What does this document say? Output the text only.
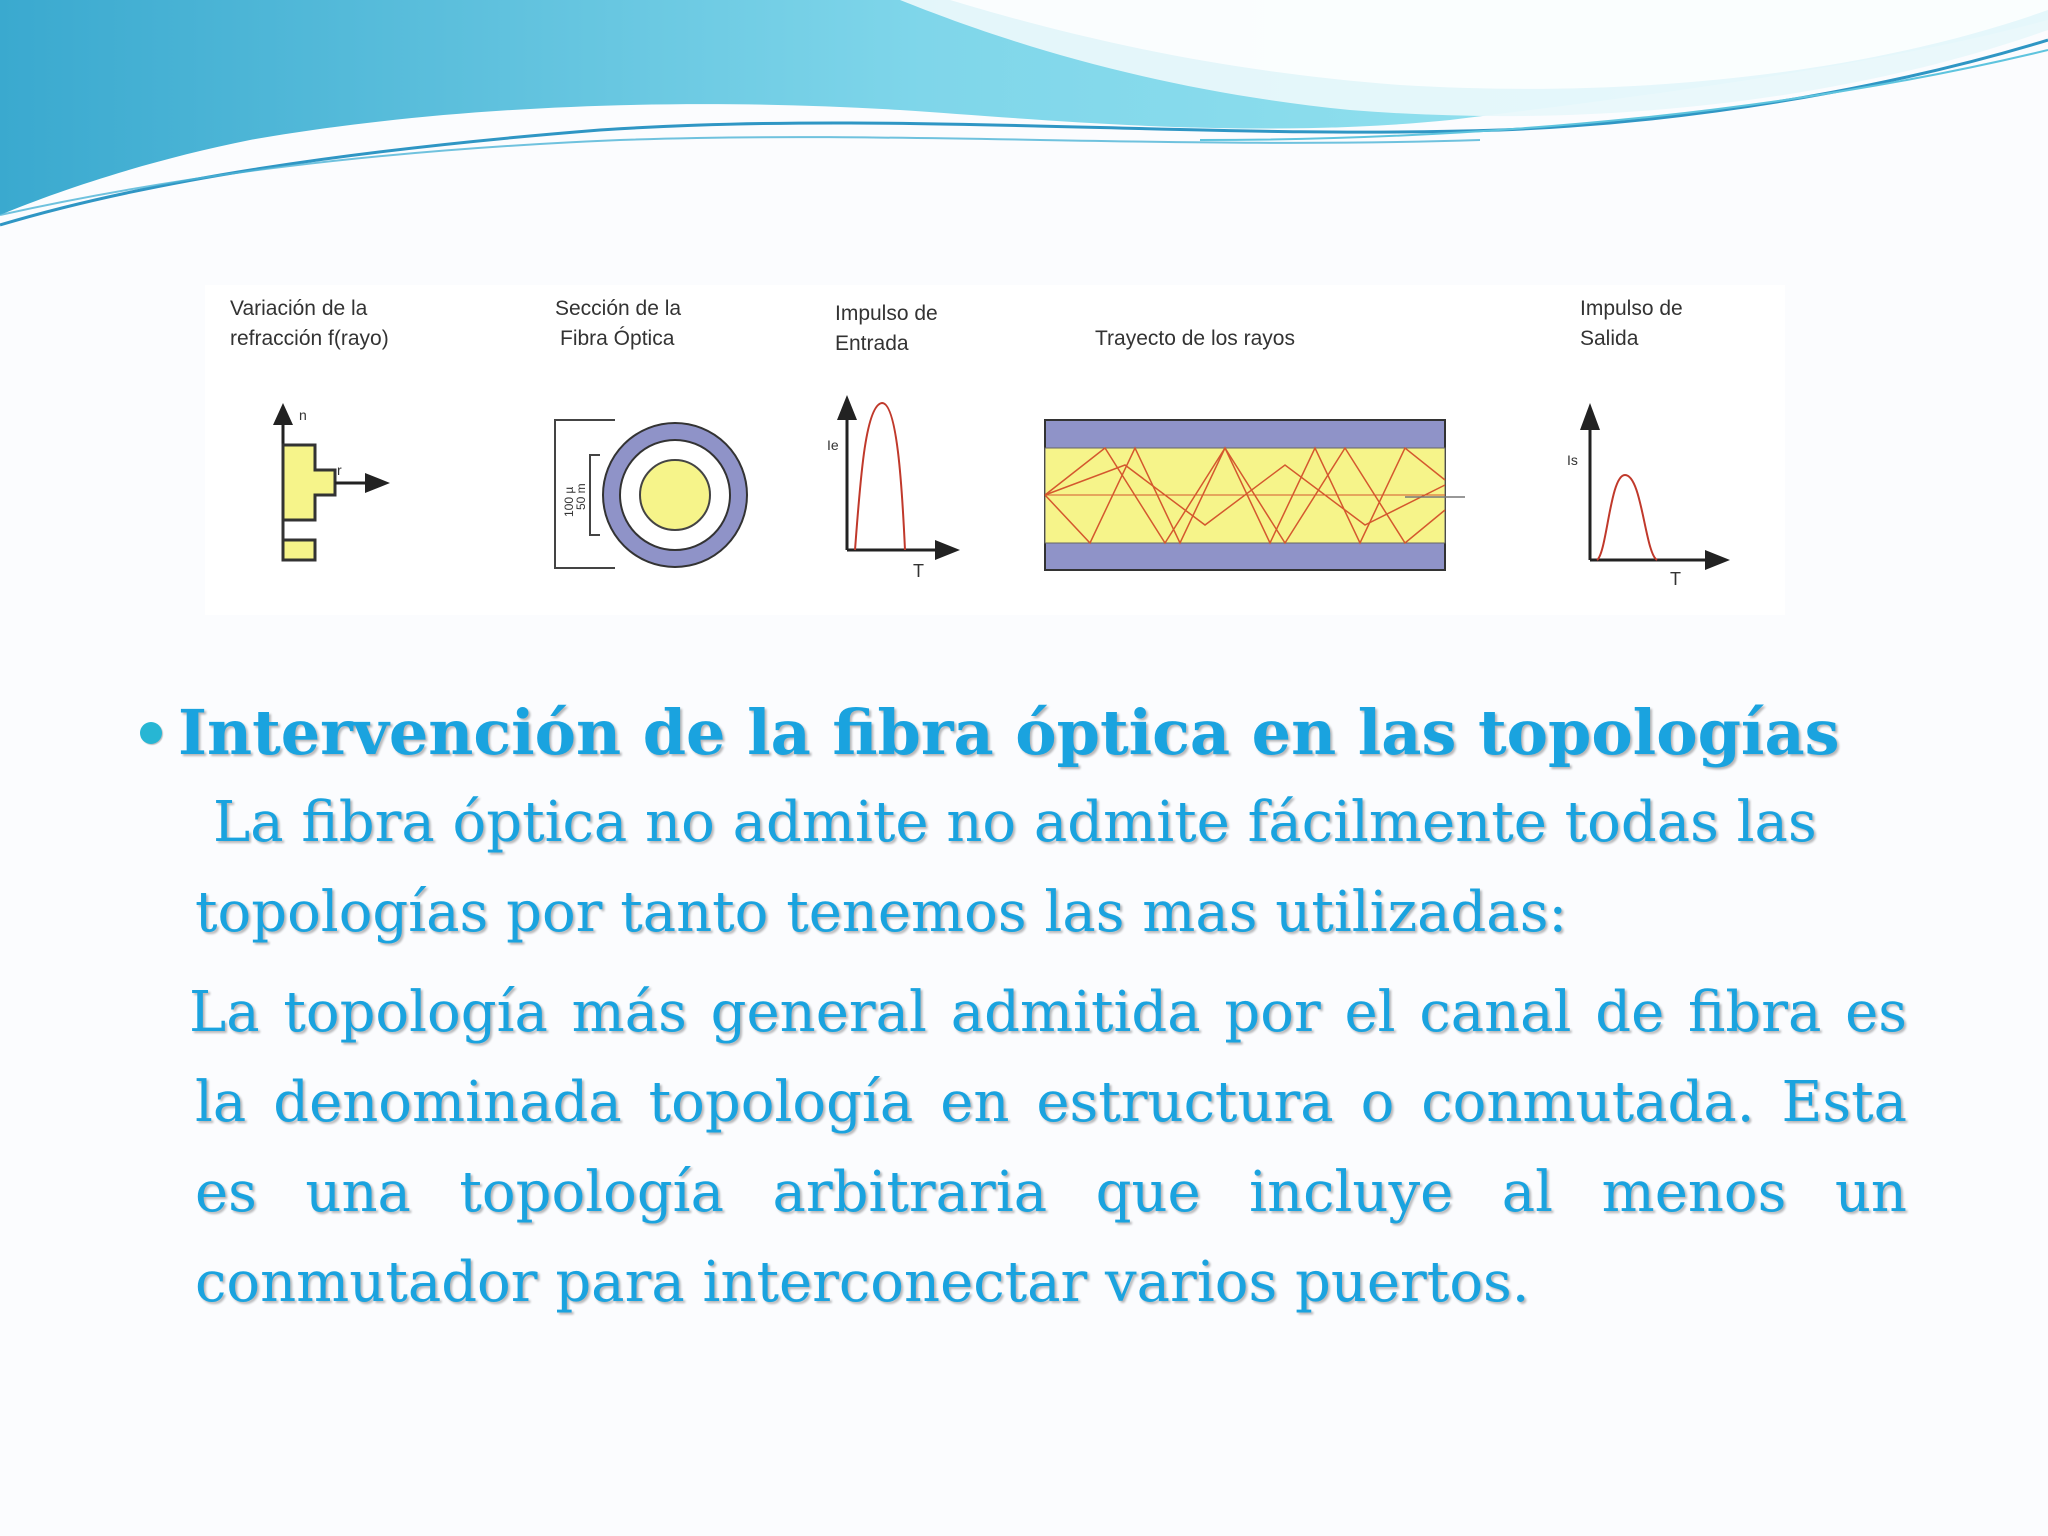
Variación de la
refracción f(rayo)
n
r
Sección de la
Fibra Óptica
100 µ
50 m
Impulso de
Entrada
Ie
T
Trayecto de los rayos
Impulso de
Salida
Is
T
Intervención de la fibra óptica en las topologías
La fibra óptica no admite no admite fácilmente todas las topologías por tanto tenemos las mas utilizadas:
La topología más general admitida por el canal de fibra es la denominada topología en estructura o conmutada. Esta es una topología arbitraria que incluye al menos un conmutador para interconectar varios puertos.
